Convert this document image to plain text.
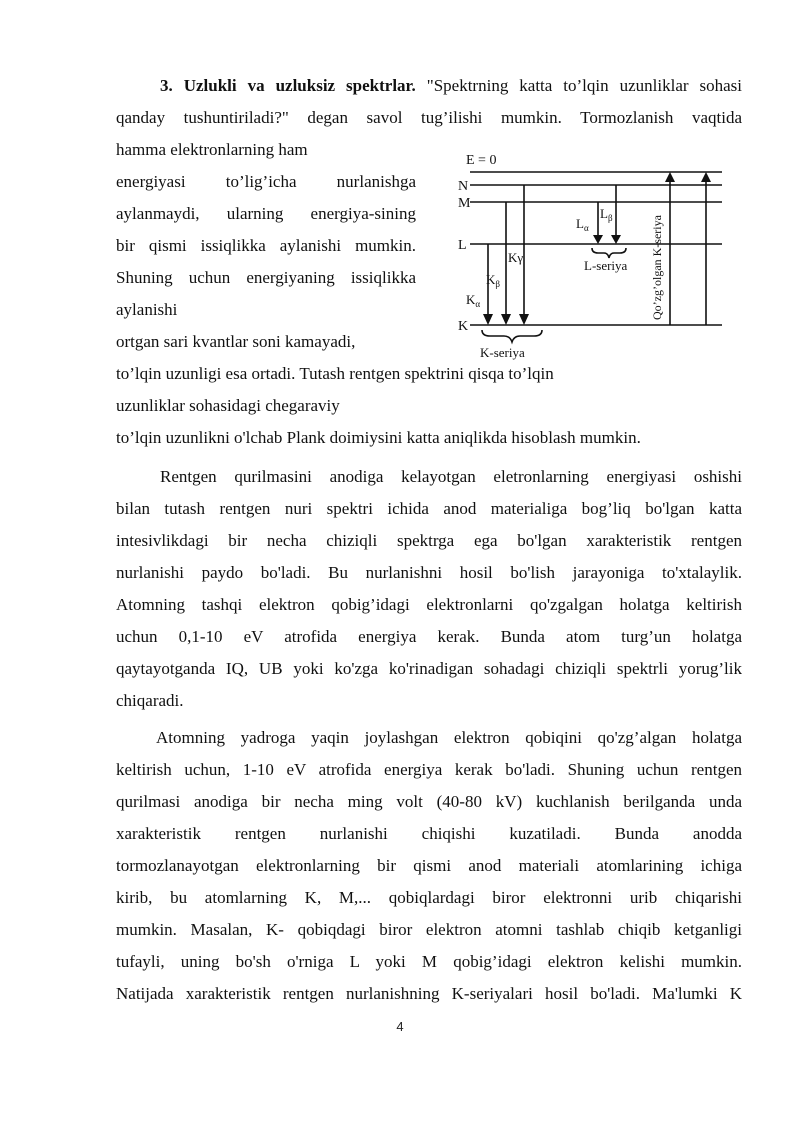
3. Uzlukli va uzluksiz spektrlar. "Spektrning katta to’lqin uzunliklar sohasi
qanday tushuntiriladi?" degan savol tug’ilishi mumkin. Tormozlanish vaqtida
hamma elektronlarning ham
energiyasi to’lig’icha nurlanishga
aylanmaydi, ularning energiya-sining
bir qismi issiqlikka aylanishi mumkin.
Shuning uchun energiyaning issiqlikka
aylanishi
ortgan sari kvantlar soni kamayadi,
to’lqin uzunligi esa ortadi. Tutash rentgen spektrini qisqa to’lqin
uzunliklar sohasidagi chegaraviy
to’lqin uzunlikni o'lchab Plank doimiysini katta aniqlikda hisoblash mumkin.
E = 0
N
M
L
K
$K_\alpha$
$K_\beta$
Kγ
$L_\alpha$
$L_\beta$
L-seriya
K-seriya
Qo’zg’olgan K-seriya
Rentgen qurilmasini anodiga kelayotgan eletronlarning energiyasi oshishi
bilan tutash rentgen nuri spektri ichida anod materialiga bog’liq bo'lgan katta
intesivlikdagi bir necha chiziqli spektrga ega bo'lgan xarakteristik rentgen
nurlanishi paydo bo'ladi. Bu nurlanishni hosil bo'lish jarayoniga to'xtalaylik.
Atomning tashqi elektron qobig’idagi elektronlarni qo'zgalgan holatga keltirish
uchun 0,1-10 eV atrofida energiya kerak. Bunda atom turg’un holatga
qaytayotganda IQ, UB yoki ko'zga ko'rinadigan sohadagi chiziqli spektrli yorug’lik
chiqaradi.
Atomning yadroga yaqin joylashgan elektron qobiqini qo'zg’algan holatga
keltirish uchun, 1-10 eV atrofida energiya kerak bo'ladi. Shuning uchun rentgen
qurilmasi anodiga bir necha ming volt (40-80 kV) kuchlanish berilganda unda
xarakteristik rentgen nurlanishi chiqishi kuzatiladi. Bunda anodda
tormozlanayotgan elektronlarning bir qismi anod materiali atomlarining ichiga
kirib, bu atomlarning K, M,... qobiqlardagi biror elektronni urib chiqarishi
mumkin. Masalan, K- qobiqdagi biror elektron atomni tashlab chiqib ketganligi
tufayli, uning bo'sh o'rniga L yoki M qobig’idagi elektron kelishi mumkin.
Natijada xarakteristik rentgen nurlanishning K-seriyalari hosil bo'ladi. Ma'lumki K
4
